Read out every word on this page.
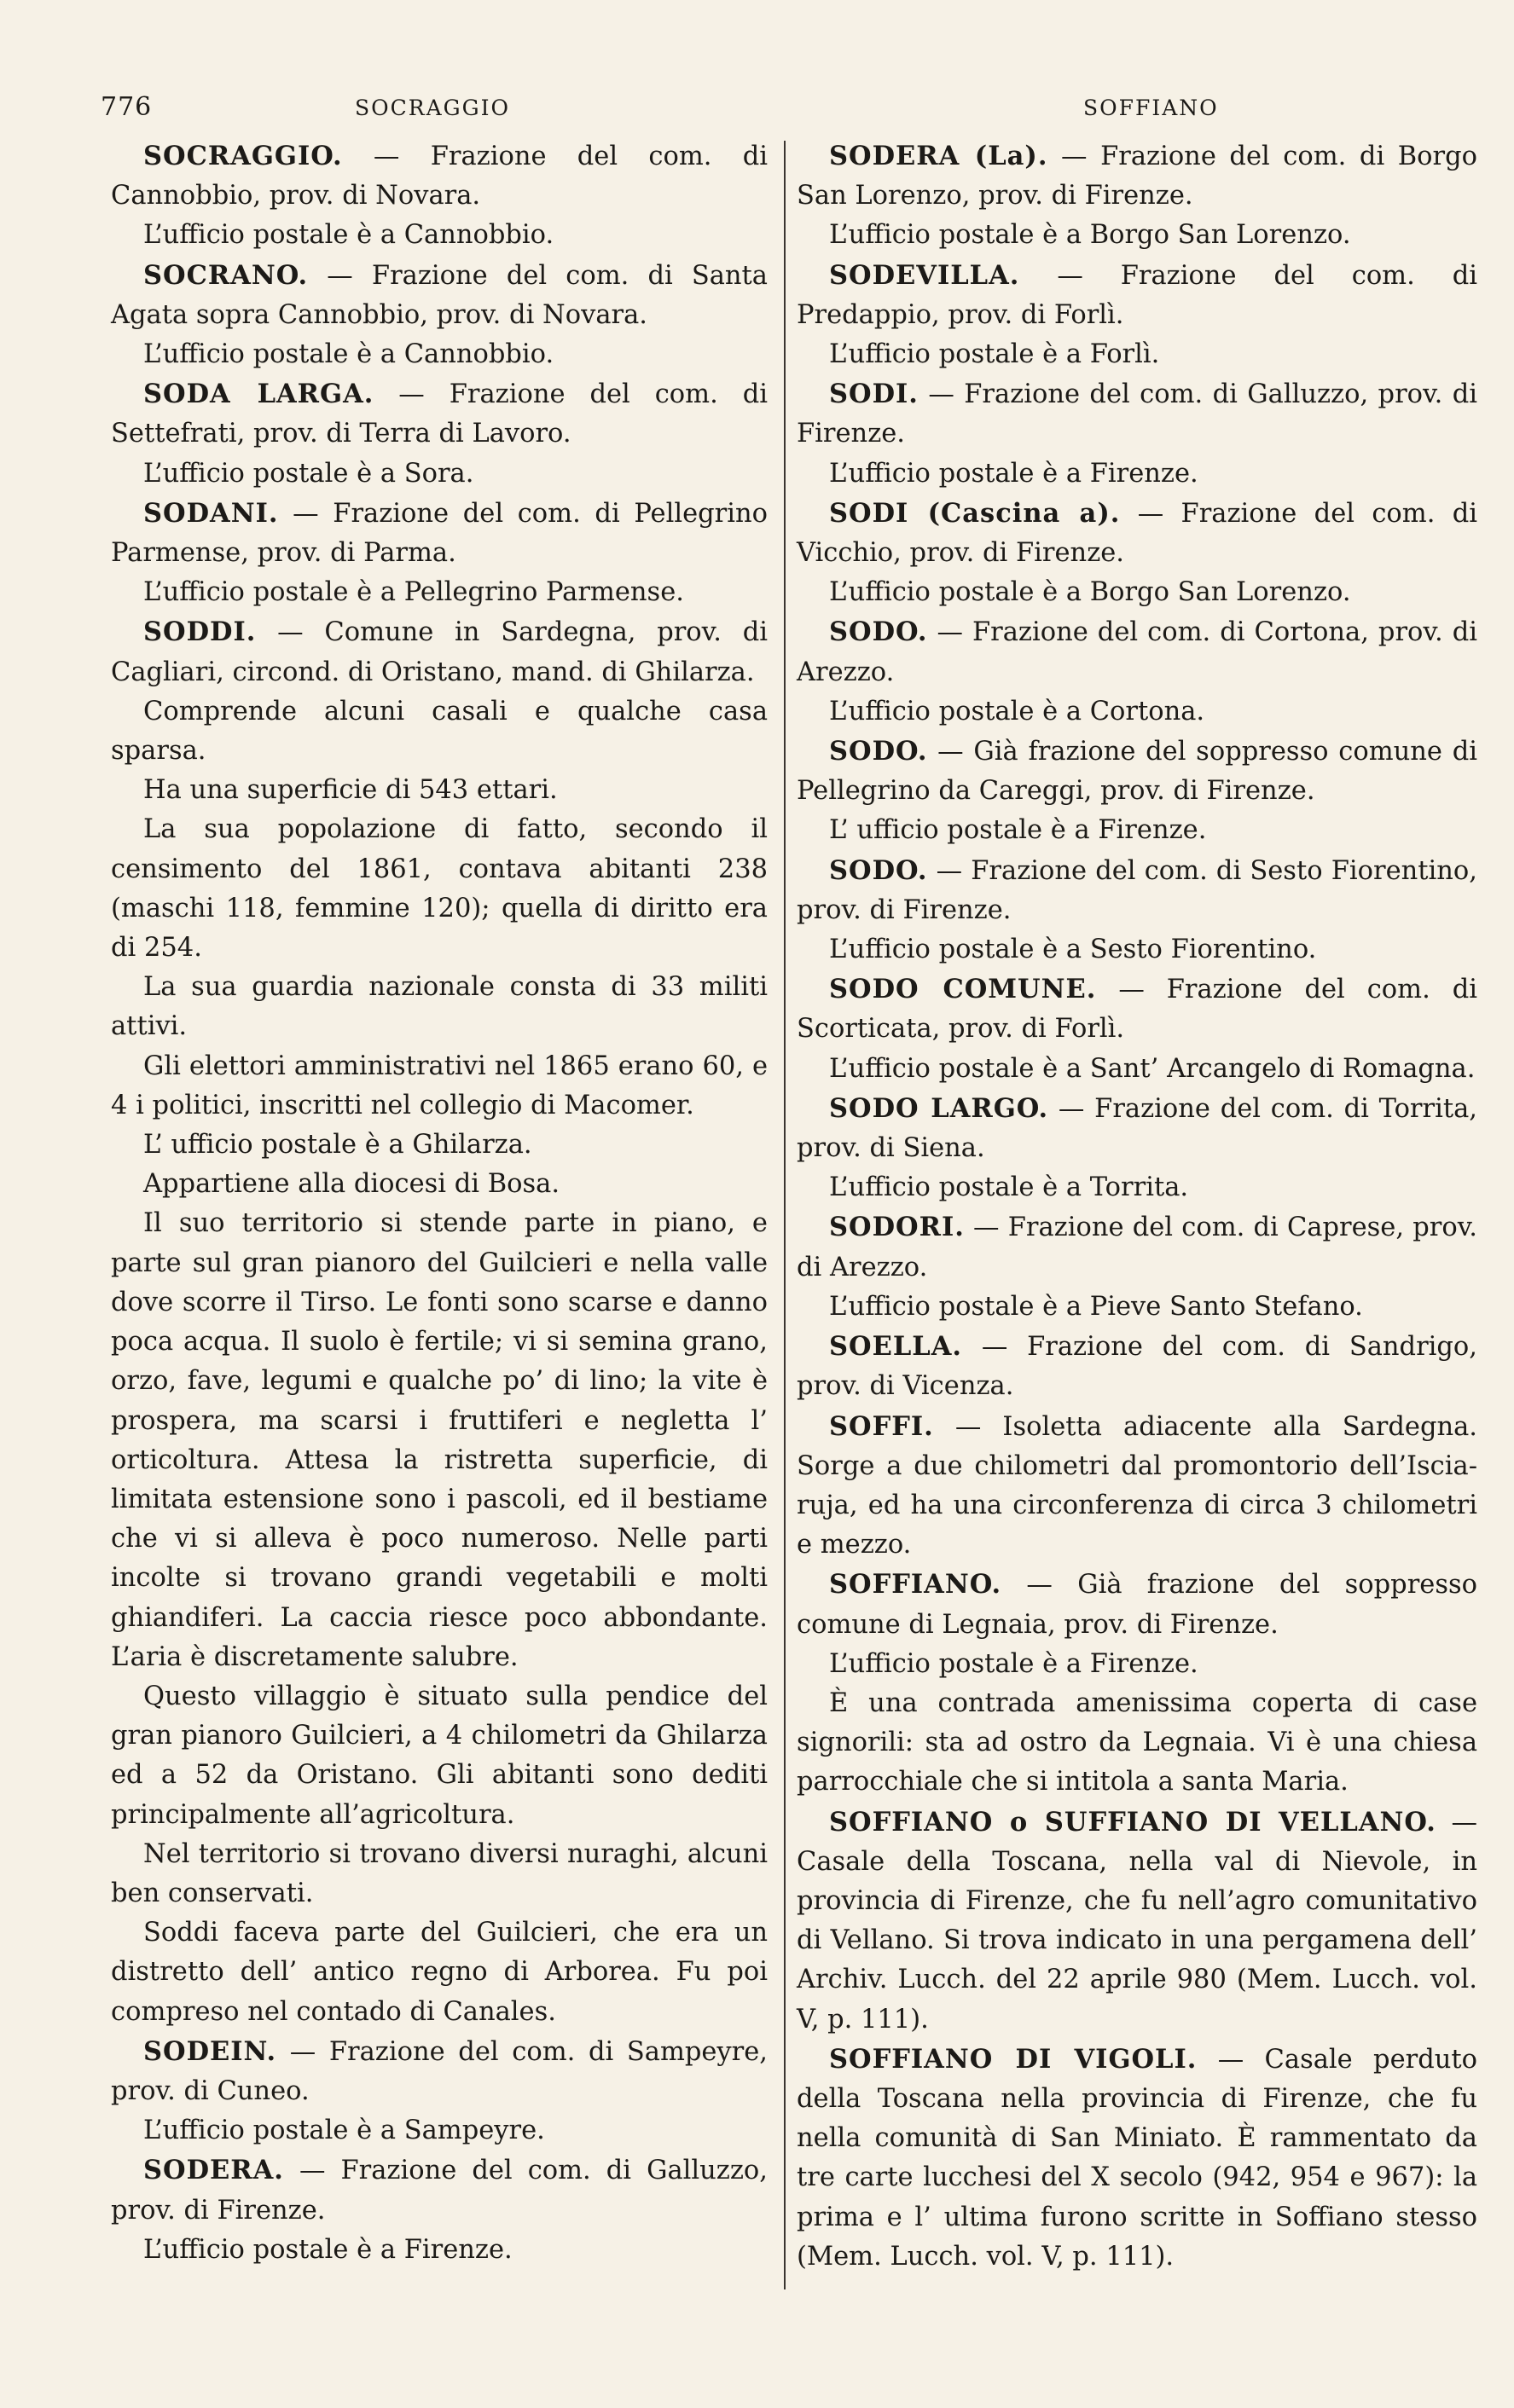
776	SOCRAGGIO	SOFFIANO

SOCRAGGIO. — Frazione del com. di Cannobbio, prov. di Novara.

L’ufficio postale è a Cannobbio.

SOCRANO. — Frazione del com. di Santa Agata sopra Cannobbio, prov. di Novara.

L’ufficio postale è a Cannobbio.

SODA LARGA. — Frazione del com. di Settefrati, prov. di Terra di Lavoro.

L’ufficio postale è a Sora.

SODANI. — Frazione del com. di Pellegrino Parmense, prov. di Parma.

L’ufficio postale è a Pellegrino Parmense.

SODDI. — Comune in Sardegna, prov. di Cagliari, circond. di Oristano, mand. di Ghilarza.

Comprende alcuni casali e qualche casa sparsa.

Ha una superficie di 543 ettari.

La sua popolazione di fatto, secondo il censimento del 1861, contava abitanti 238 (maschi 118, femmine 120); quella di diritto era di 254.

La sua guardia nazionale consta di 33 militi attivi.

Gli elettori amministrativi nel 1865 erano 60, e 4 i politici, inscritti nel collegio di Macomer.

L’ ufficio postale è a Ghilarza.

Appartiene alla diocesi di Bosa.

Il suo territorio si stende parte in piano, e parte sul gran pianoro del Guilcieri e nella valle dove scorre il Tirso. Le fonti sono scarse e danno poca acqua. Il suolo è fertile; vi si semina grano, orzo, fave, legumi e qualche po’ di lino; la vite è prospera, ma scarsi i fruttiferi e negletta l’ orticoltura. Attesa la ristretta superficie, di limitata estensione sono i pascoli, ed il bestiame che vi si alleva è poco numeroso. Nelle parti incolte si trovano grandi vegetabili e molti ghiandiferi. La caccia riesce poco abbondante. L’aria è discretamente salubre.

Questo villaggio è situato sulla pendice del gran pianoro Guilcieri, a 4 chilometri da Ghilarza ed a 52 da Oristano. Gli abitanti sono dediti principalmente all’agricoltura.

Nel territorio si trovano diversi nuraghi, alcuni ben conservati.

Soddi faceva parte del Guilcieri, che era un distretto dell’ antico regno di Arborea. Fu poi compreso nel contado di Canales.

SODEIN. — Frazione del com. di Sampeyre, prov. di Cuneo.

L’ufficio postale è a Sampeyre.

SODERA. — Frazione del com. di Galluzzo, prov. di Firenze.

L’ufficio postale è a Firenze.

SODERA (La). — Frazione del com. di Borgo San Lorenzo, prov. di Firenze.

L’ufficio postale è a Borgo San Lorenzo.

SODEVILLA. — Frazione del com. di Predappio, prov. di Forlì.

L’ufficio postale è a Forlì.

SODI. — Frazione del com. di Galluzzo, prov. di Firenze.

L’ufficio postale è a Firenze.

SODI (Cascina a). — Frazione del com. di Vicchio, prov. di Firenze.

L’ufficio postale è a Borgo San Lorenzo.

SODO. — Frazione del com. di Cortona, prov. di Arezzo.

L’ufficio postale è a Cortona.

SODO. — Già frazione del soppresso comune di Pellegrino da Careggi, prov. di Firenze.

L’ ufficio postale è a Firenze.

SODO. — Frazione del com. di Sesto Fiorentino, prov. di Firenze.

L’ufficio postale è a Sesto Fiorentino.

SODO COMUNE. — Frazione del com. di Scorticata, prov. di Forlì.

L’ufficio postale è a Sant’ Arcangelo di Romagna.

SODO LARGO. — Frazione del com. di Torrita, prov. di Siena.

L’ufficio postale è a Torrita.

SODORI. — Frazione del com. di Caprese, prov. di Arezzo.

L’ufficio postale è a Pieve Santo Stefano.

SOELLA. — Frazione del com. di Sandrigo, prov. di Vicenza.

SOFFI. — Isoletta adiacente alla Sardegna. Sorge a due chilometri dal promontorio dell’Iscia-ruja, ed ha una circonferenza di circa 3 chilometri e mezzo.

SOFFIANO. — Già frazione del soppresso comune di Legnaia, prov. di Firenze.

L’ufficio postale è a Firenze.

È una contrada amenissima coperta di case signorili: sta ad ostro da Legnaia. Vi è una chiesa parrocchiale che si intitola a santa Maria.

SOFFIANO o SUFFIANO DI VELLANO. — Casale della Toscana, nella val di Nievole, in provincia di Firenze, che fu nell’agro comunitativo di Vellano. Si trova indicato in una pergamena dell’ Archiv. Lucch. del 22 aprile 980 (Mem. Lucch. vol. V, p. 111).

SOFFIANO DI VIGOLI. — Casale perduto della Toscana nella provincia di Firenze, che fu nella comunità di San Miniato. È rammentato da tre carte lucchesi del X secolo (942, 954 e 967): la prima e l’ ultima furono scritte in Soffiano stesso (Mem. Lucch. vol. V, p. 111).
